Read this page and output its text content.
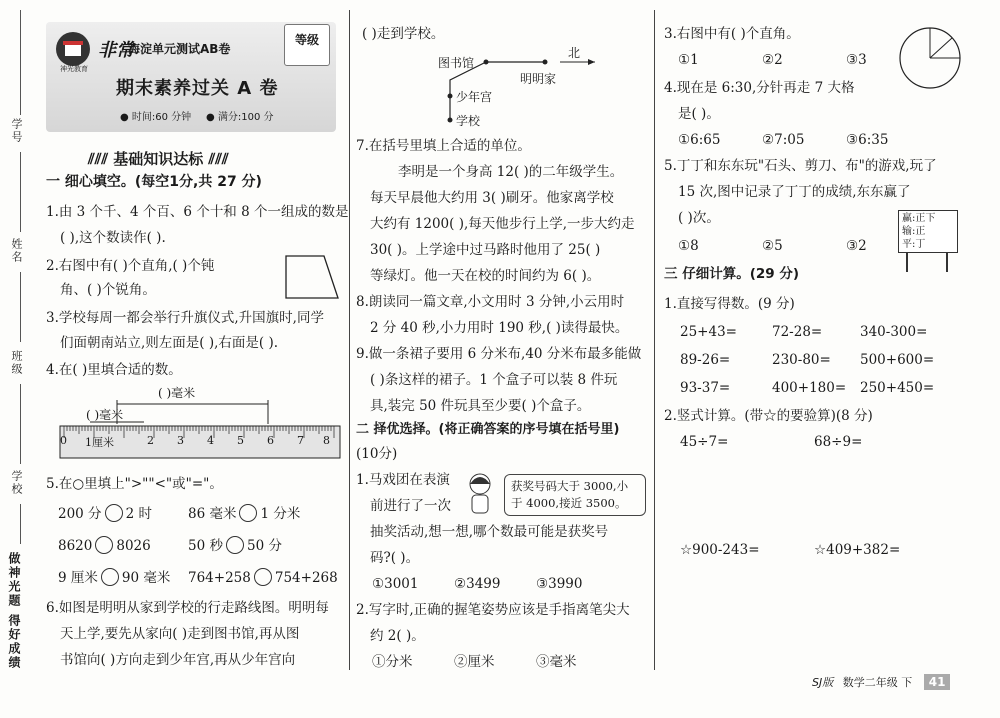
学号
姓名
班级
学校
做神光题 得好成绩
非常
神光教育
海淀单元测试AB卷
等级
期末素养过关 A 卷
● 时间:60 分钟 ● 满分:100 分
⫽⫽⫽ 基础知识达标 ⫽⫽⫽
一 细心填空。(每空1分,共 27 分)
1.由 3 个千、4 个百、6 个十和 8 个一组成的数是
( ),这个数读作( ).
2.右图中有( )个直角,( )个钝
角、( )个锐角。
3.学校每周一都会举行升旗仪式,升国旗时,同学
们面朝南站立,则左面是( ),右面是( ).
4.在( )里填合适的数。
( )毫米
( )毫米
0 1厘米	2 3 4 5 6 7 8
5.在○里填上">""<"或"="。
200 分 2 时	86 毫米 1 分米
8620 8026	50 秒 50 分
9 厘米 90 毫米 764+258 754+268
6.如图是明明从家到学校的行走路线图。明明每
天上学,要先从家向( )走到图书馆,再从图
书馆向( )方向走到少年宫,再从少年宫向
( )走到学校。
图书馆
明明家
北
少年宫
学校
7.在括号里填上合适的单位。
李明是一个身高 12( )的二年级学生。
每天早晨他大约用 3( )刷牙。他家离学校
大约有 1200( ),每天他步行上学,一步大约走
30( )。上学途中过马路时他用了 25( )
等绿灯。他一天在校的时间约为 6( )。
8.朗读同一篇文章,小文用时 3 分钟,小云用时
2 分 40 秒,小力用时 190 秒,( )读得最快。
9.做一条裙子要用 6 分米布,40 分米布最多能做
( )条这样的裙子。1 个盒子可以装 8 件玩
具,装完 50 件玩具至少要( )个盒子。
二 择优选择。(将正确答案的序号填在括号里)
(10分)
1.马戏团在表演
前进行了一次
获奖号码大于 3000,小于 4000,接近 3500。
抽奖活动,想一想,哪个数最可能是获奖号
码?( )。
①3001	②3499	③3990
2.写字时,正确的握笔姿势应该是手指离笔尖大
约 2( )。
①分米	②厘米	③毫米
3.右图中有( )个直角。
①1	②2	③3
4.现在是 6:30,分针再走 7 大格
是( )。
①6:65	②7:05	③6:35
5.丁丁和东东玩"石头、剪刀、布"的游戏,玩了
15 次,图中记录了丁丁的成绩,东东赢了
( )次。
①8	②5	③2
赢:正下
输:正
平:丁
三 仔细计算。(29 分)
1.直接写得数。(9 分)
25+43=	72-28=	340-300=
89-26=	230-80= 500+600=
93-37=	400+180= 250+450=
2.竖式计算。(带☆的要验算)(8 分)
45÷7=	68÷9=
☆900-243=	☆409+382=
SJ版 数学二年级 下 41
